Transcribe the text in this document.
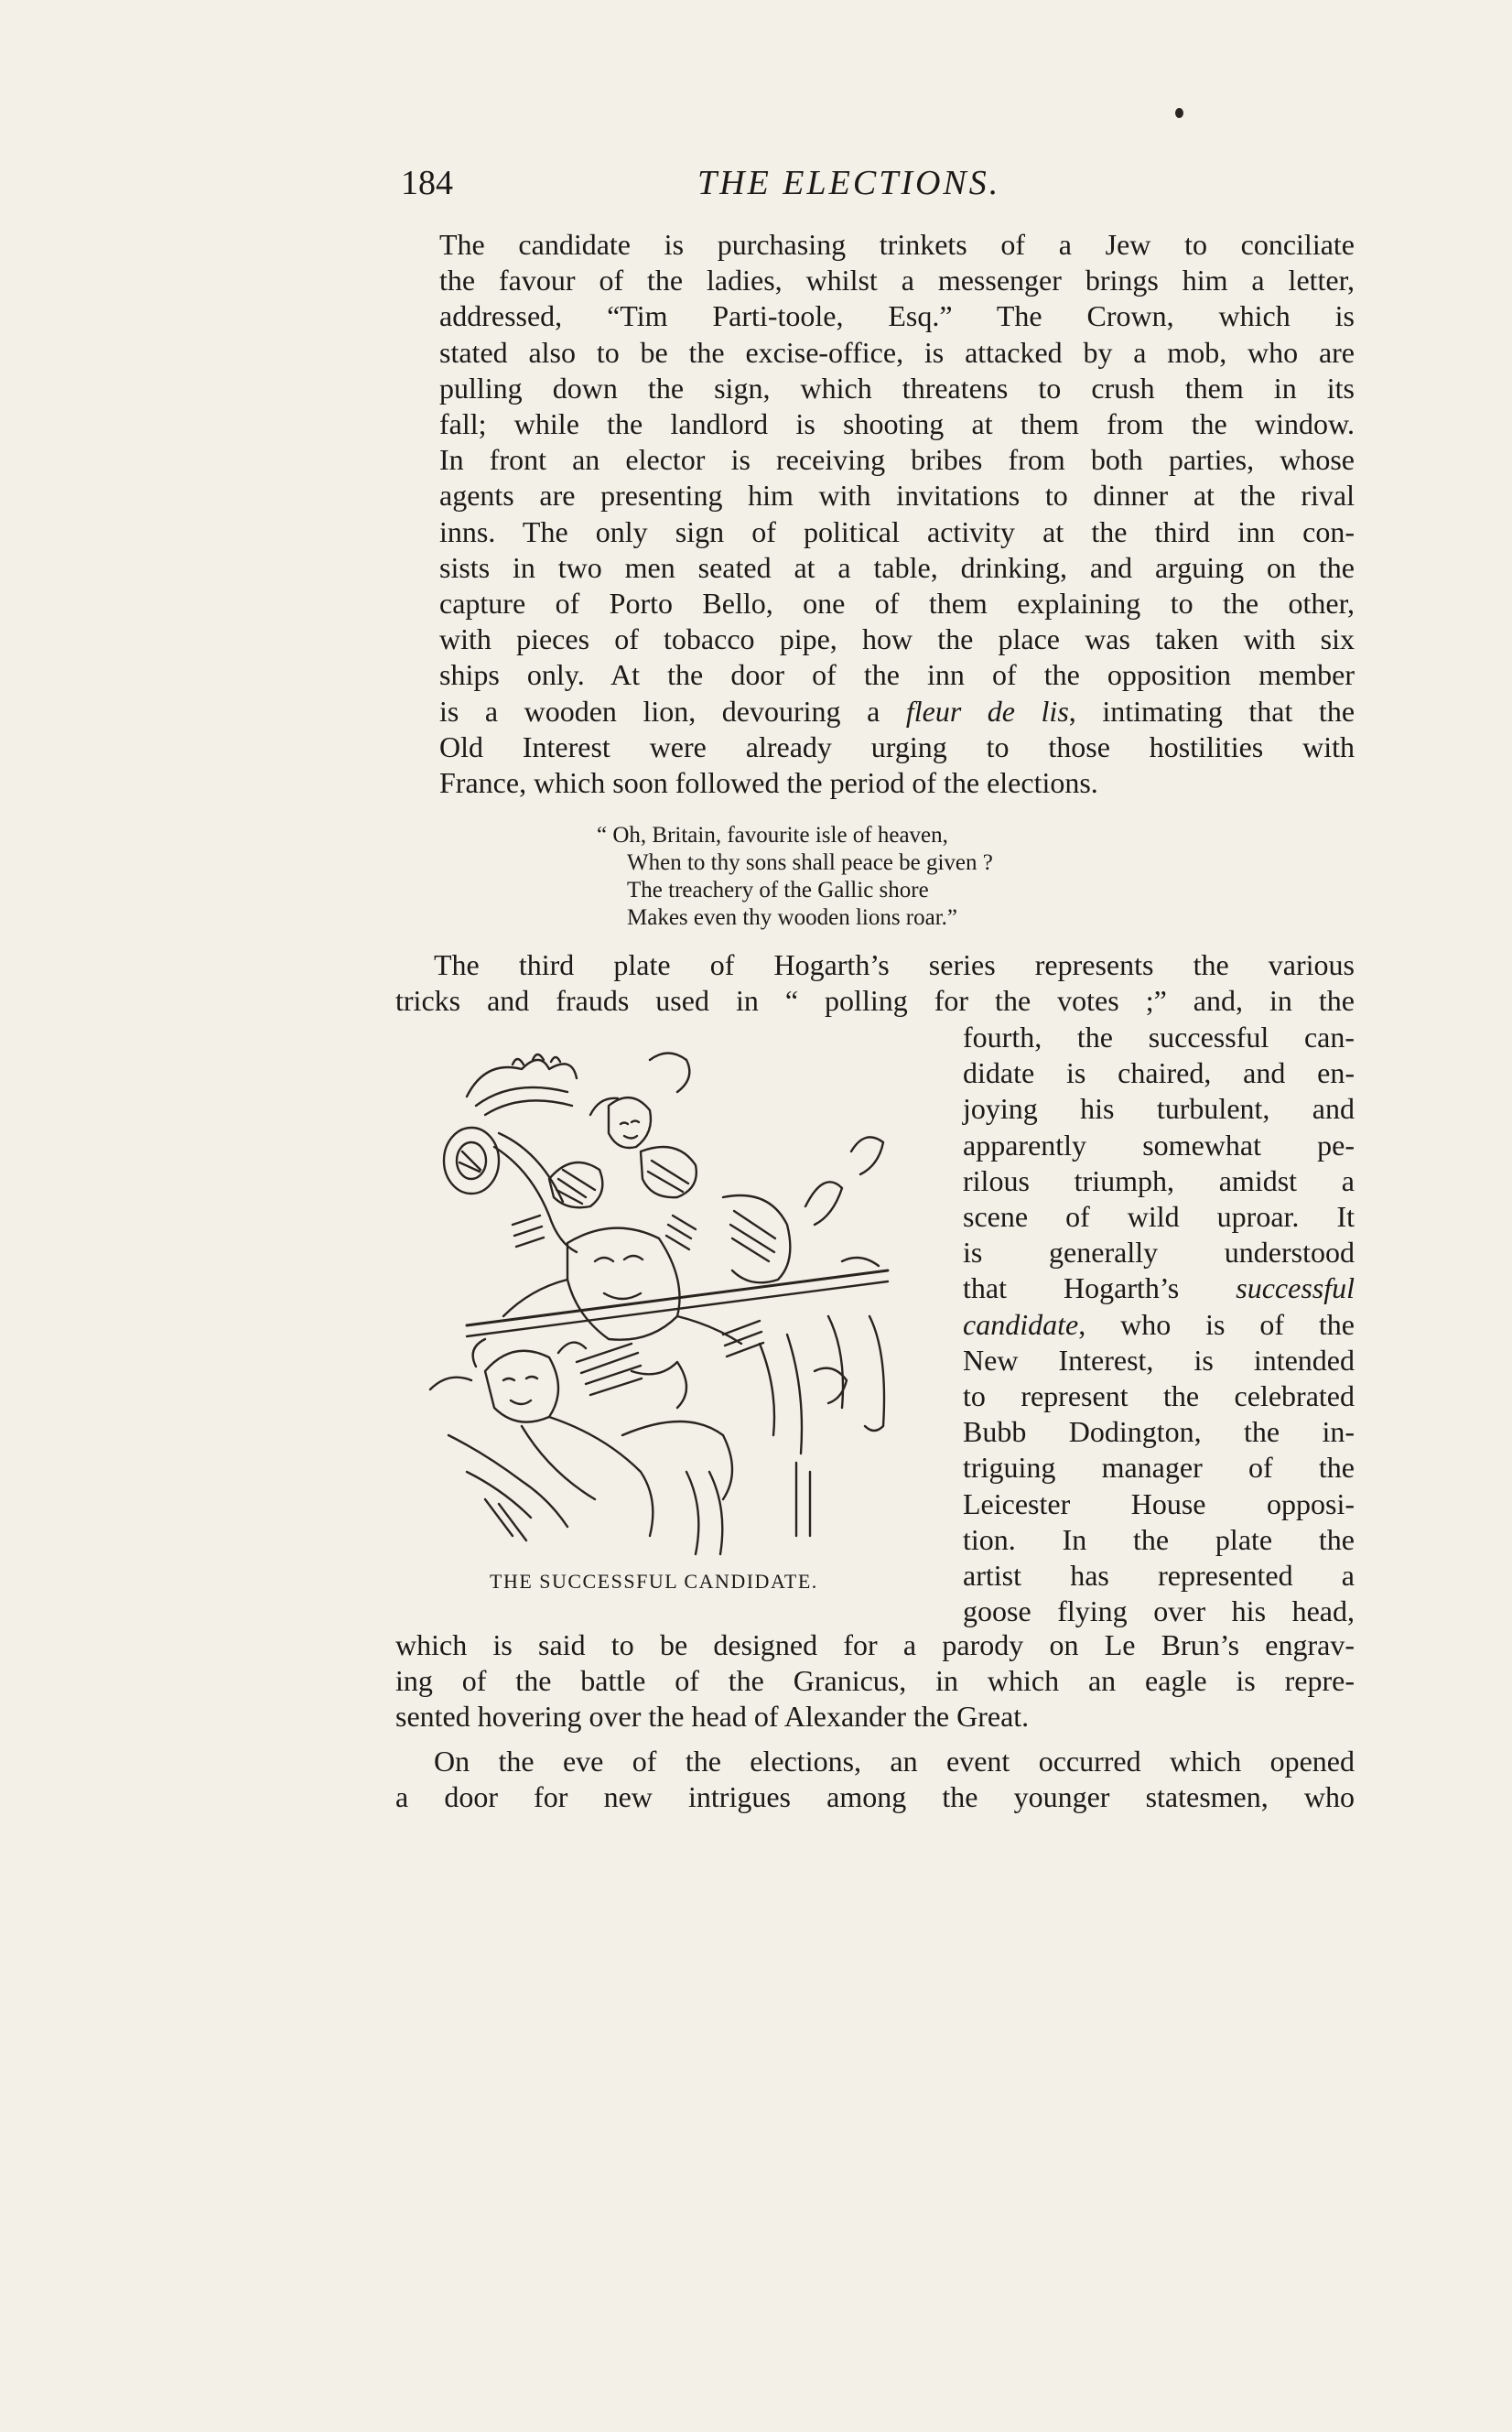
184	THE ELECTIONS.
The candidate is purchasing trinkets of a Jew to conciliate
the favour of the ladies, whilst a messenger brings him a letter,
addressed, “Tim Parti-toole, Esq.” The Crown, which is
stated also to be the excise-office, is attacked by a mob, who are
pulling down the sign, which threatens to crush them in its
fall; while the landlord is shooting at them from the window.
In front an elector is receiving bribes from both parties, whose
agents are presenting him with invitations to dinner at the rival
inns. The only sign of political activity at the third inn con-
sists in two men seated at a table, drinking, and arguing on the
capture of Porto Bello, one of them explaining to the other,
with pieces of tobacco pipe, how the place was taken with six
ships only. At the door of the inn of the opposition member
is a wooden lion, devouring a fleur de lis, intimating that the
Old Interest were already urging to those hostilities with
France, which soon followed the period of the elections.
“ Oh, Britain, favourite isle of heaven,
When to thy sons shall peace be given ?
The treachery of the Gallic shore
Makes even thy wooden lions roar.”
The third plate of Hogarth’s series represents the various
tricks and frauds used in “ polling for the votes ;” and, in the
fourth, the successful can-
didate is chaired, and en-
joying his turbulent, and
apparently somewhat pe-
rilous triumph, amidst a
scene of wild uproar. It
is generally understood
that Hogarth’s successful
candidate, who is of the
New Interest, is intended
to represent the celebrated
Bubb Dodington, the in-
triguing manager of the
Leicester House opposi-
tion. In the plate the
artist has represented a
goose flying over his head,
THE SUCCESSFUL CANDIDATE.
which is said to be designed for a parody on Le Brun’s engrav-
ing of the battle of the Granicus, in which an eagle is repre-
sented hovering over the head of Alexander the Great.
On the eve of the elections, an event occurred which opened
a door for new intrigues among the younger statesmen, who
